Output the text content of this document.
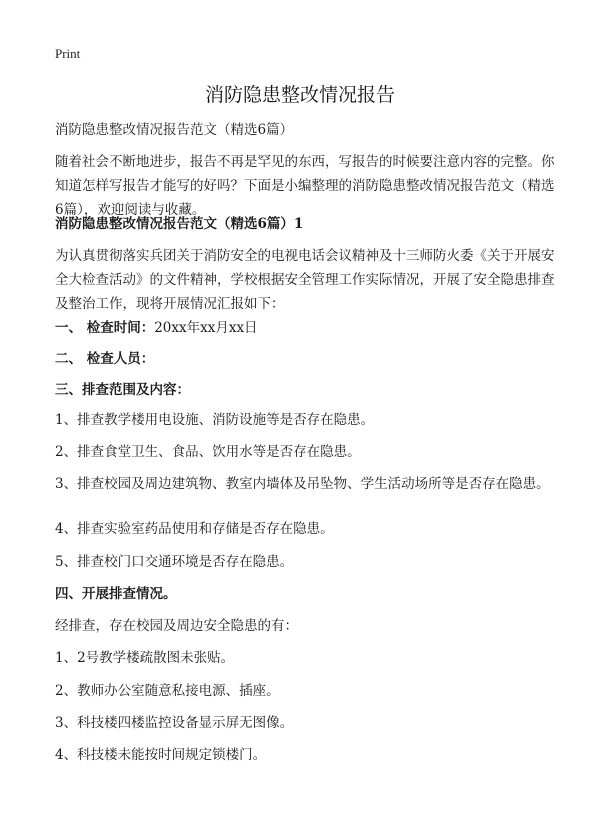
Print
消防隐患整改情况报告

消防隐患整改情况报告范文（精选6篇）

随着社会不断地进步，报告不再是罕见的东西，写报告的时候要注意内容的完整。你知道怎样写报告才能写的好吗？下面是小编整理的消防隐患整改情况报告范文（精选6篇），欢迎阅读与收藏。

消防隐患整改情况报告范文（精选6篇）1

为认真贯彻落实兵团关于消防安全的电视电话会议精神及十三师防火委《关于开展安全大检查活动》的文件精神，学校根据安全管理工作实际情况，开展了安全隐患排查及整治工作，现将开展情况汇报如下：

一、 检查时间：20xx年xx月xx日

二、 检查人员：

三、排查范围及内容：

1、排查教学楼用电设施、消防设施等是否存在隐患。

2、排查食堂卫生、食品、饮用水等是否存在隐患。

3、排查校园及周边建筑物、教室内墙体及吊坠物、学生活动场所等是否存在隐患。

4、排查实验室药品使用和存储是否存在隐患。

5、排查校门口交通环境是否存在隐患。

四、开展排查情况。

经排查，存在校园及周边安全隐患的有：

1、2号教学楼疏散图未张贴。

2、教师办公室随意私接电源、插座。

3、科技楼四楼监控设备显示屏无图像。

4、科技楼未能按时间规定锁楼门。
